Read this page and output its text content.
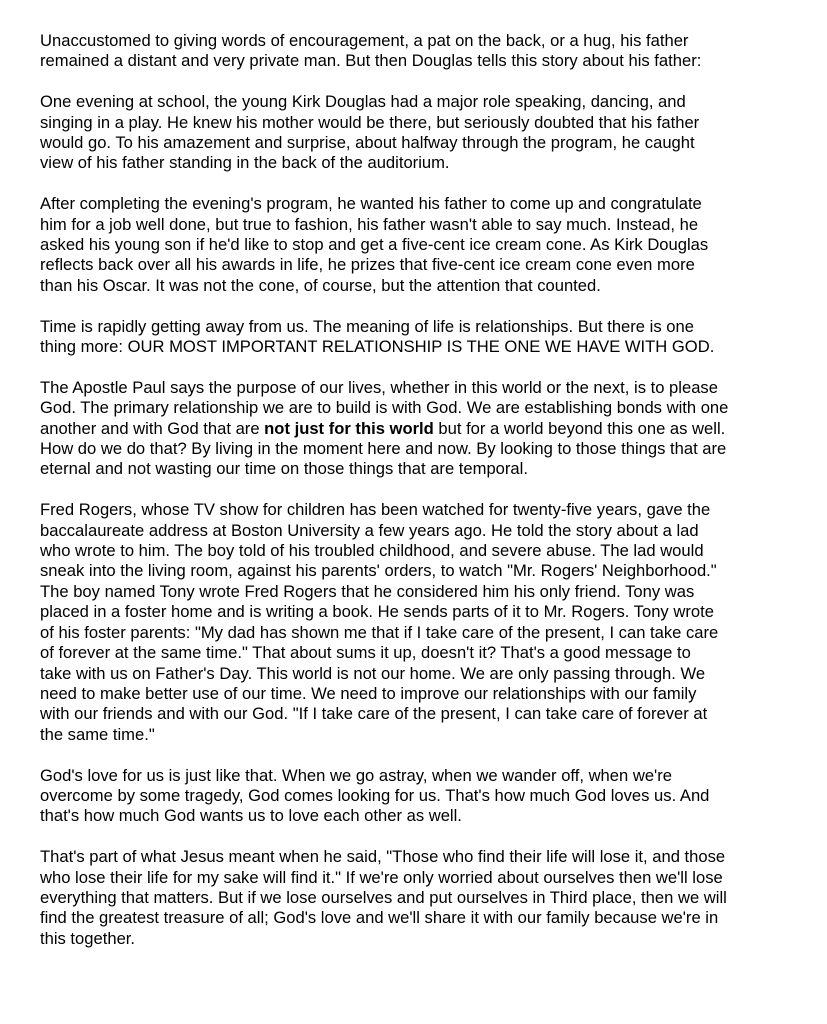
Unaccustomed to giving words of encouragement, a pat on the back, or a hug, his father
remained a distant and very private man. But then Douglas tells this story about his father:

One evening at school, the young Kirk Douglas had a major role speaking, dancing, and
singing in a play. He knew his mother would be there, but seriously doubted that his father
would go. To his amazement and surprise, about halfway through the program, he caught
view of his father standing in the back of the auditorium.

After completing the evening's program, he wanted his father to come up and congratulate
him for a job well done, but true to fashion, his father wasn't able to say much. Instead, he
asked his young son if he'd like to stop and get a five-cent ice cream cone. As Kirk Douglas
reflects back over all his awards in life, he prizes that five-cent ice cream cone even more
than his Oscar. It was not the cone, of course, but the attention that counted.

Time is rapidly getting away from us. The meaning of life is relationships. But there is one
thing more: OUR MOST IMPORTANT RELATIONSHIP IS THE ONE WE HAVE WITH GOD.

The Apostle Paul says the purpose of our lives, whether in this world or the next, is to please
God. The primary relationship we are to build is with God. We are establishing bonds with one
another and with God that are not just for this world but for a world beyond this one as well.
How do we do that? By living in the moment here and now. By looking to those things that are
eternal and not wasting our time on those things that are temporal.

Fred Rogers, whose TV show for children has been watched for twenty-five years, gave the
baccalaureate address at Boston University a few years ago. He told the story about a lad
who wrote to him. The boy told of his troubled childhood, and severe abuse. The lad would
sneak into the living room, against his parents' orders, to watch "Mr. Rogers' Neighborhood."
The boy named Tony wrote Fred Rogers that he considered him his only friend. Tony was
placed in a foster home and is writing a book. He sends parts of it to Mr. Rogers. Tony wrote
of his foster parents: "My dad has shown me that if I take care of the present, I can take care
of forever at the same time." That about sums it up, doesn't it? That's a good message to
take with us on Father's Day. This world is not our home. We are only passing through. We
need to make better use of our time. We need to improve our relationships with our family
with our friends and with our God. "If I take care of the present, I can take care of forever at
the same time."

God's love for us is just like that. When we go astray, when we wander off, when we're
overcome by some tragedy, God comes looking for us. That's how much God loves us. And
that's how much God wants us to love each other as well.

That's part of what Jesus meant when he said, "Those who find their life will lose it, and those
who lose their life for my sake will find it." If we're only worried about ourselves then we'll lose
everything that matters. But if we lose ourselves and put ourselves in Third place, then we will
find the greatest treasure of all; God's love and we'll share it with our family because we're in
this together.
